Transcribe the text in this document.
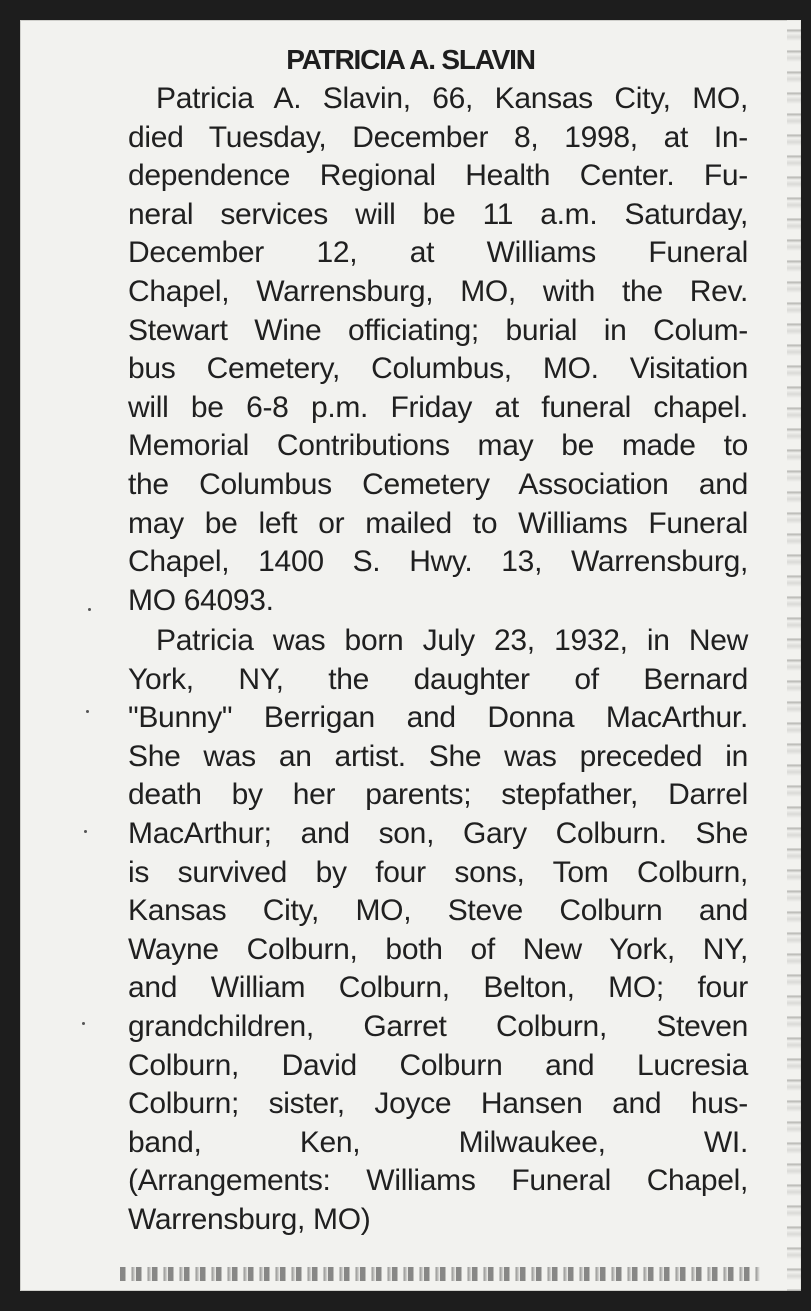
PATRICIA A. SLAVIN
Patricia A. Slavin, 66, Kansas City, MO,
died Tuesday, December 8, 1998, at In-
dependence Regional Health Center. Fu-
neral services will be 11 a.m. Saturday,
December 12, at Williams Funeral
Chapel, Warrensburg, MO, with the Rev.
Stewart Wine officiating; burial in Colum-
bus Cemetery, Columbus, MO. Visitation
will be 6-8 p.m. Friday at funeral chapel.
Memorial Contributions may be made to
the Columbus Cemetery Association and
may be left or mailed to Williams Funeral
Chapel, 1400 S. Hwy. 13, Warrensburg,
MO 64093.
Patricia was born July 23, 1932, in New
York, NY, the daughter of Bernard
"Bunny" Berrigan and Donna MacArthur.
She was an artist. She was preceded in
death by her parents; stepfather, Darrel
MacArthur; and son, Gary Colburn. She
is survived by four sons, Tom Colburn,
Kansas City, MO, Steve Colburn and
Wayne Colburn, both of New York, NY,
and William Colburn, Belton, MO; four
grandchildren, Garret Colburn, Steven
Colburn, David Colburn and Lucresia
Colburn; sister, Joyce Hansen and hus-
band, Ken, Milwaukee, WI.
(Arrangements: Williams Funeral Chapel,
Warrensburg, MO)
